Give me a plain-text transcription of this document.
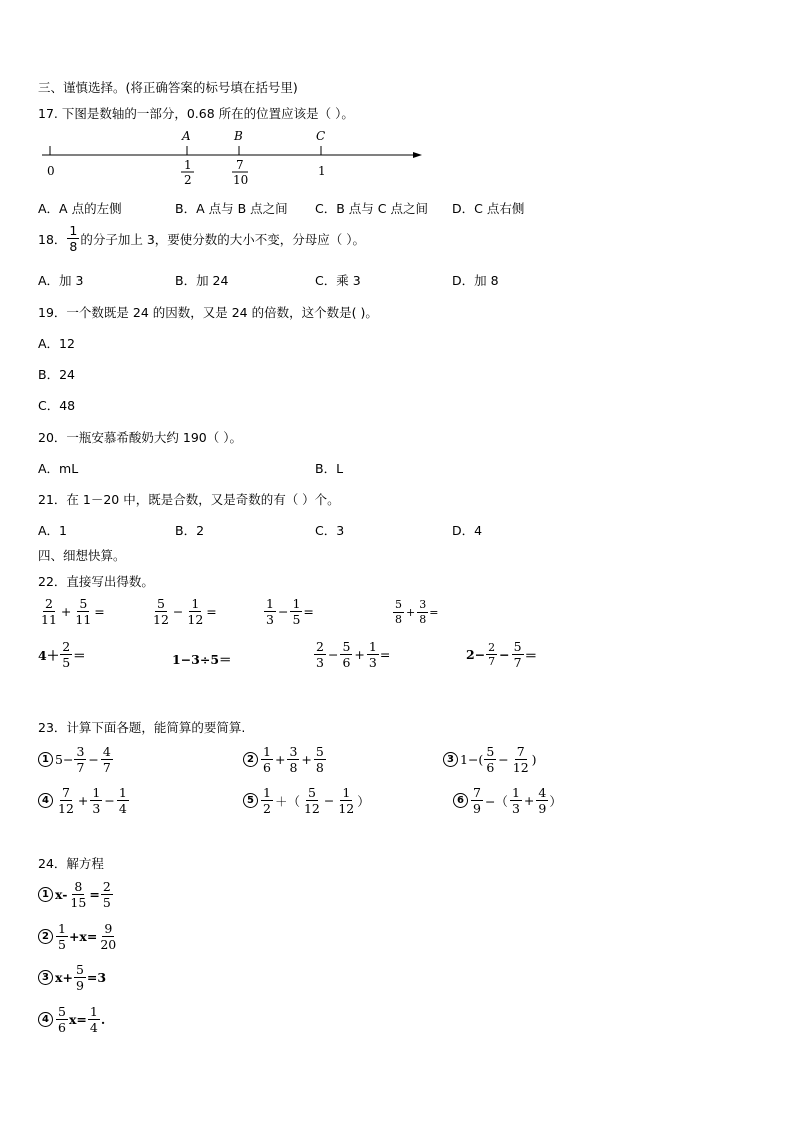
三、谨慎选择。(将正确答案的标号填在括号里)
17. 下图是数轴的一部分，0.68 所在的位置应该是（ ）。
A	B	C
0	1
1
2
7
10
A．A 点的左侧	B．A 点与 B 点之间 C．B 点与 C 点之间 D．C 点右侧
18． $\frac{1}{8}$ 的分子加上 3，要使分数的大小不变，分母应（ ）。
A．加 3	B．加 24	C．乘 3	D．加 8
19．一个数既是 24 的因数，又是 24 的倍数，这个数是( )。
A．12
B．24
C．48
20．一瓶安慕希酸奶大约 190（ ）。
A．mL	B．L
21．在 1－20 中，既是合数，又是奇数的有（ ）个。
A．1	B．2	C．3	D．4
四、细想快算。
22．直接写出得数。
$\frac{2}{11} + \frac{5}{11}$ =	$\frac{5}{12} - \frac{1}{12}$ =	$\frac{1}{3} - \frac{1}{5}$ =	$\frac{5}{8} + \frac{3}{8}$ =
$4+ \frac{2}{5}$ ＝	1−3÷5＝	$\frac{2}{3} - \frac{5}{6} + \frac{1}{3}$ =	$2- \frac{2}{7} - \frac{5}{7}$ ＝
23．计算下面各题，能简算的要简算.
1 $5- \frac{3}{7} - \frac{4}{7}$	$2 \frac{1}{6} + \frac{3}{8} + \frac{5}{8}$	3 $1-( \frac{5}{6} - \frac{7}{12}$ )
$4 \frac{7}{12} + \frac{1}{3} - \frac{1}{4}$	$5 \frac{1}{2}$ ＋（ $\frac{5}{12} - \frac{1}{12}$ ）	$6 \frac{7}{9}$ −（ $\frac{1}{3} + \frac{4}{9}$ ）
24．解方程
1 $x- \frac{8}{15} = \frac{2}{5}$
$2 \frac{1}{5} +x= \frac{9}{20}$
3 $x+ \frac{5}{9} =3$
$4 \frac{5}{6} x= \frac{1}{4}$ .
